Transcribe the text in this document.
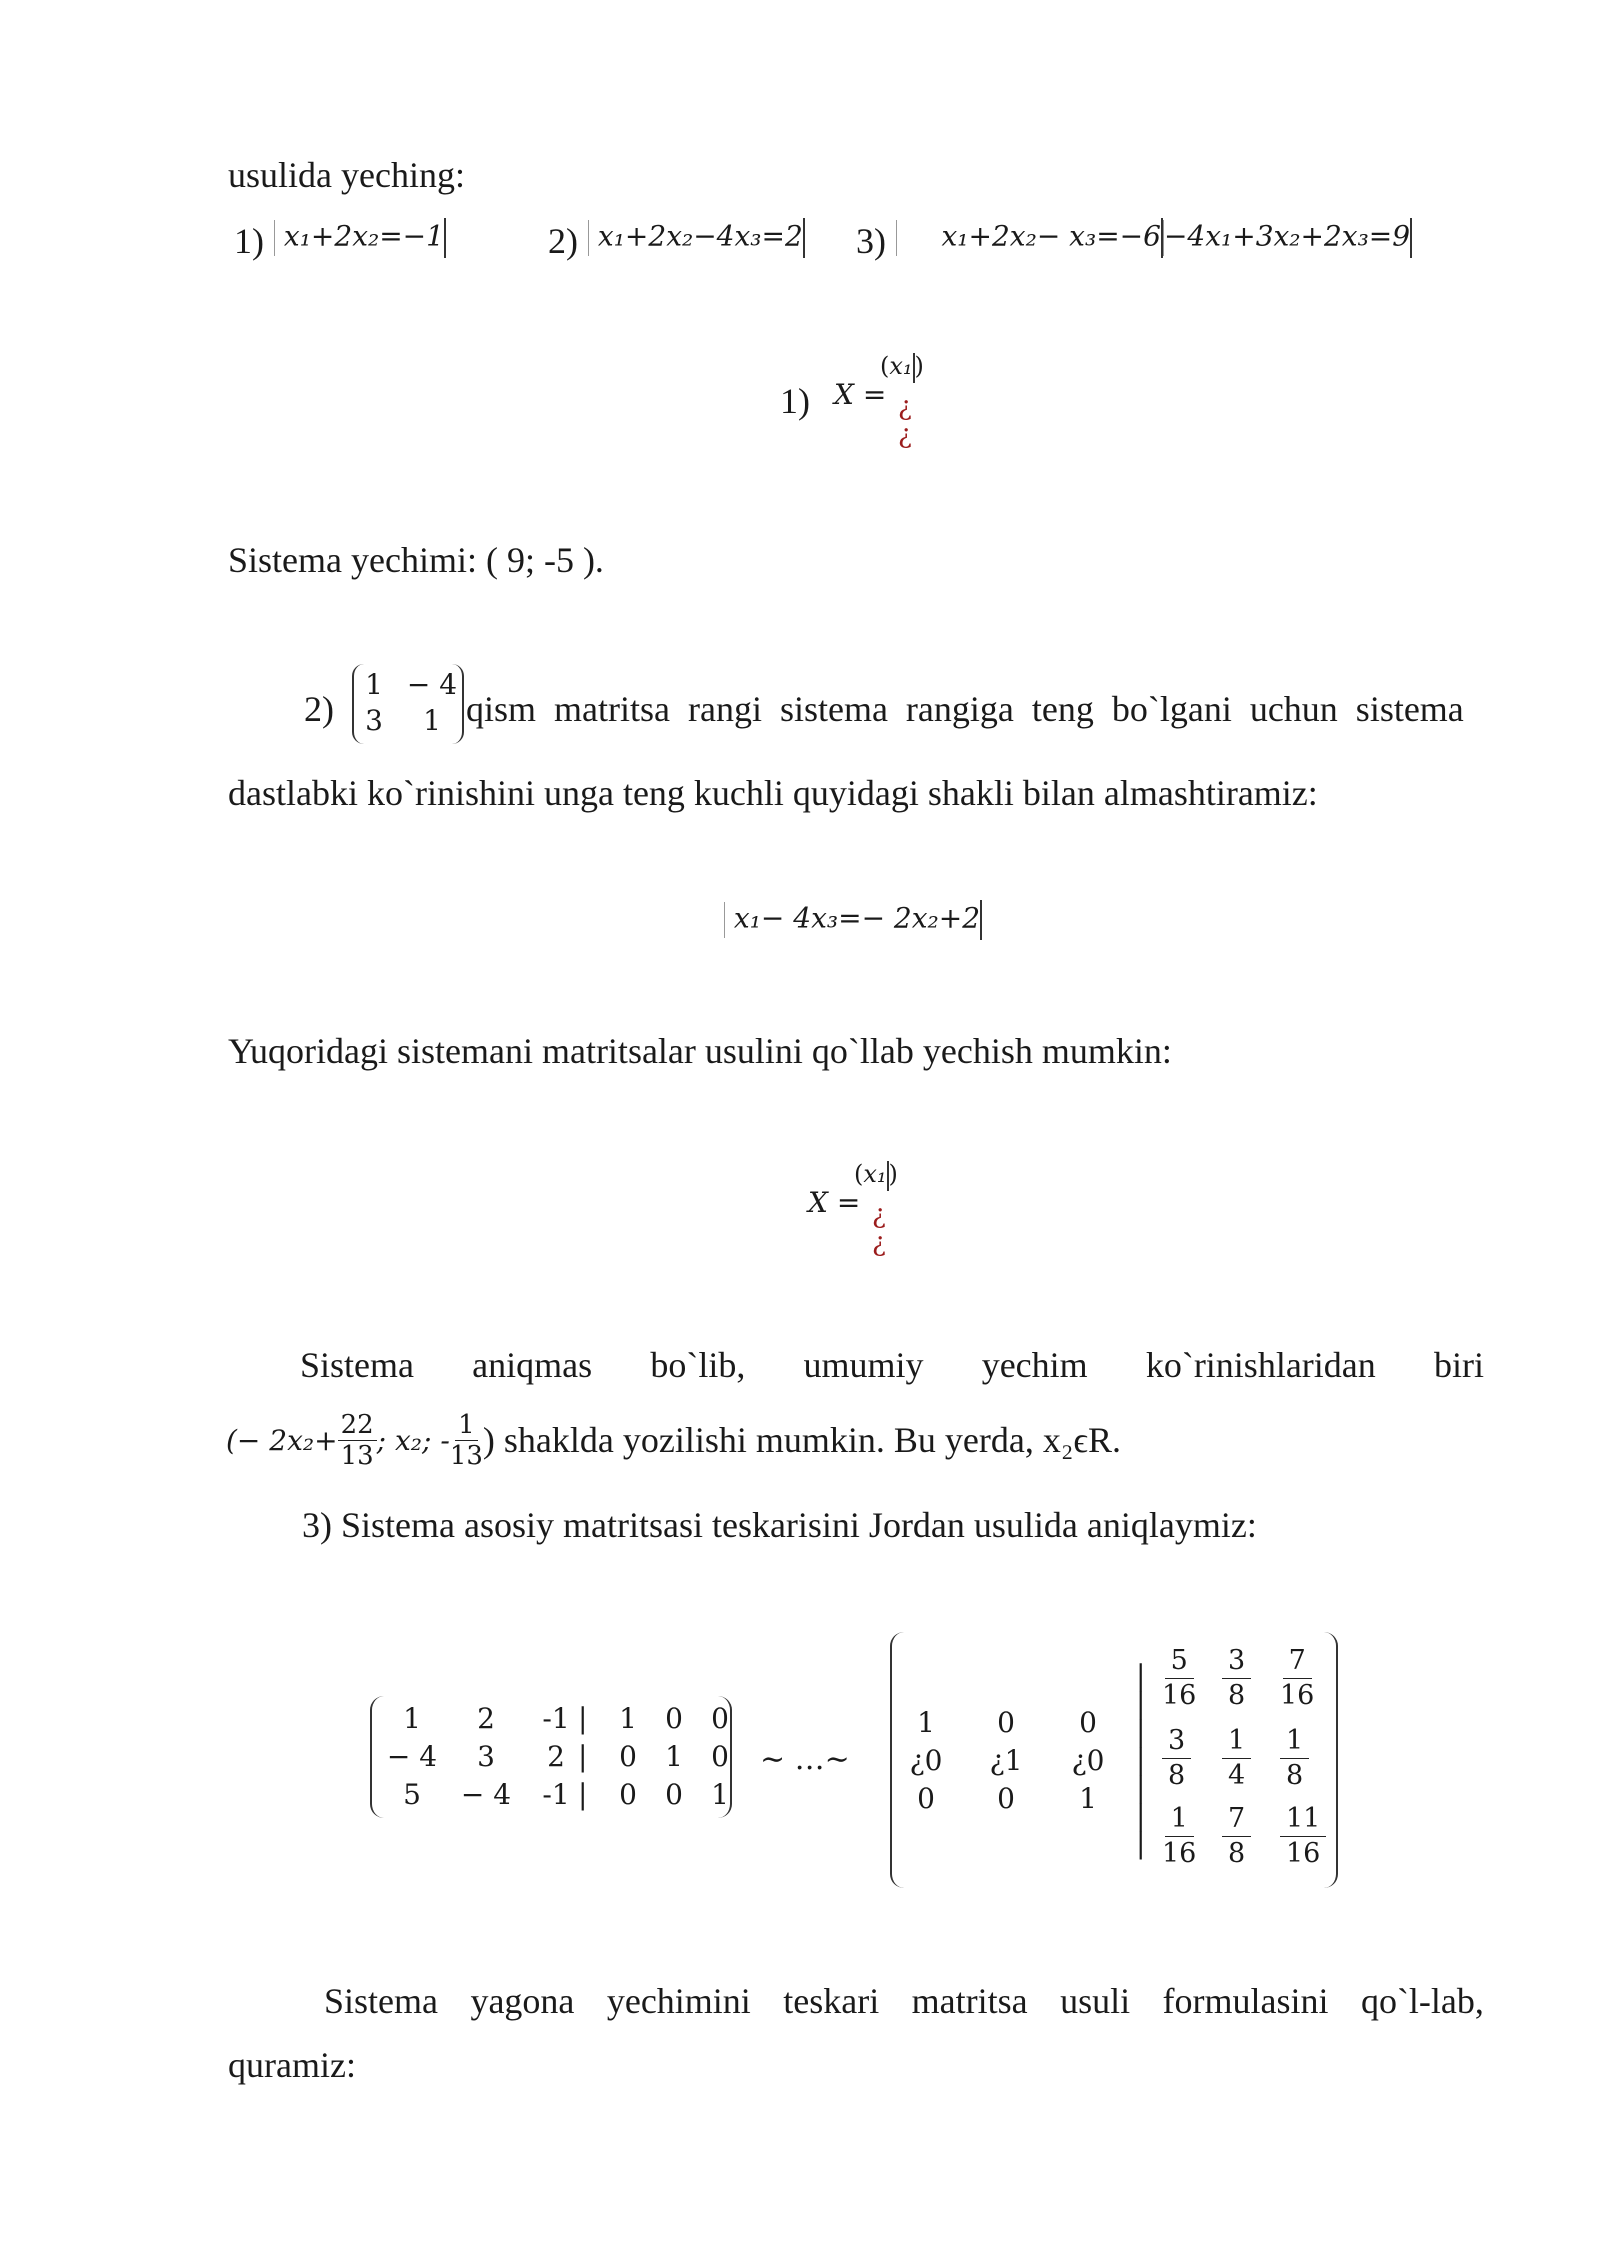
usulida yeching:
1) x₁+2x₂=−1	2) x₁+2x₂−4x₃=2 3)	x₁+2x₂− x₃=−6 −4x₁+3x₂+2x₃=9
1) X =
(x₁)
¿
¿
Sistema yechimi: ( 9; -5 ).
2)
1 − 4
3	1 qism matritsa rangi sistema rangiga teng bo`lgani uchun sistema
dastlabki ko`rinishini unga teng kuchli quyidagi shakli bilan almashtiramiz:
x₁− 4x₃=− 2x₂+2
Yuqoridagi sistemani matritsalar usulini qo`llab yechish mumkin:
X =
(x₁)
¿
¿
Sistema aniqmas bo`lib, umumiy yechim ko`rinishlaridan biri
(− $2x_2+ \frac{22}{13}$ ; x₂; - $\frac{1}{13}$ ) shakldа yozilishi mumkin. Bu yerda, x₂ϵR.
3) Sistema asosiy matritsasi teskarisini Jordan usulida aniqlaymiz:
1	2	-1	1	0	0
|
− 4	3	2	0	1	0
|
5	− 4	-1	0	0	1
|
∼ …∼
1	0	0
¿0	¿1	¿0
0	0	1
$\frac{5}{16} \frac{3}{8} \frac{7}{16}$
$\frac{3}{8} \frac{1}{4} \frac{1}{8}$
$\frac{1}{16} \frac{7}{8} \frac{11}{16}$
|
|
|
|
|
|
|
Sistema yagona yechimini teskari matritsa usuli formulasini qo`l-lab,
quramiz:
